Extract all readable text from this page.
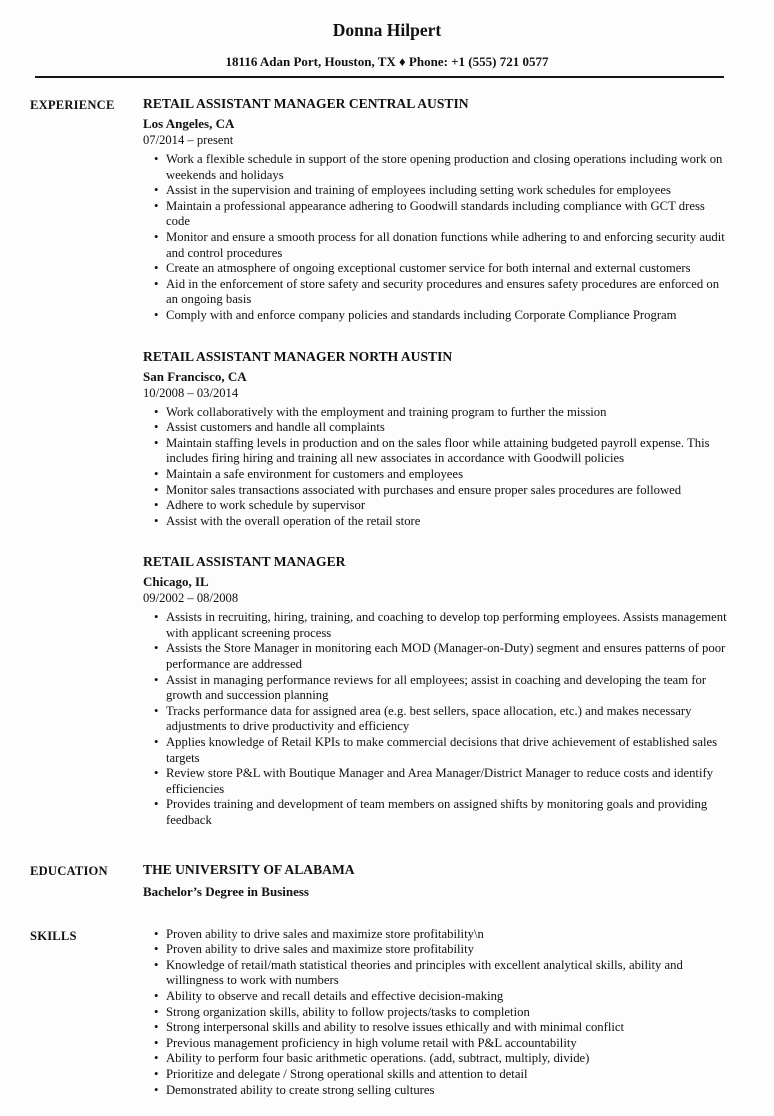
Donna Hilpert
18116 Adan Port, Houston, TX ♦ Phone: +1 (555) 721 0577
EXPERIENCE	RETAIL ASSISTANT MANAGER CENTRAL AUSTIN
Los Angeles, CA
07/2014 – present
• Work a flexible schedule in support of the store opening production and closing operations including work on weekends and holidays
• Assist in the supervision and training of employees including setting work schedules for employees
• Maintain a professional appearance adhering to Goodwill standards including compliance with GCT dress code
• Monitor and ensure a smooth process for all donation functions while adhering to and enforcing security audit and control procedures
• Create an atmosphere of ongoing exceptional customer service for both internal and external customers
• Aid in the enforcement of store safety and security procedures and ensures safety procedures are enforced on an ongoing basis
• Comply with and enforce company policies and standards including Corporate Compliance Program
RETAIL ASSISTANT MANAGER NORTH AUSTIN
San Francisco, CA
10/2008 – 03/2014
• Work collaboratively with the employment and training program to further the mission
• Assist customers and handle all complaints
• Maintain staffing levels in production and on the sales floor while attaining budgeted payroll expense. This includes firing hiring and training all new associates in accordance with Goodwill policies
• Maintain a safe environment for customers and employees
• Monitor sales transactions associated with purchases and ensure proper sales procedures are followed
• Adhere to work schedule by supervisor
• Assist with the overall operation of the retail store
RETAIL ASSISTANT MANAGER
Chicago, IL
09/2002 – 08/2008
• Assists in recruiting, hiring, training, and coaching to develop top performing employees. Assists management with applicant screening process
• Assists the Store Manager in monitoring each MOD (Manager-on-Duty) segment and ensures patterns of poor performance are addressed
• Assist in managing performance reviews for all employees; assist in coaching and developing the team for growth and succession planning
• Tracks performance data for assigned area (e.g. best sellers, space allocation, etc.) and makes necessary adjustments to drive productivity and efficiency
• Applies knowledge of Retail KPIs to make commercial decisions that drive achievement of established sales targets
• Review store P&L with Boutique Manager and Area Manager/District Manager to reduce costs and identify efficiencies
• Provides training and development of team members on assigned shifts by monitoring goals and providing feedback
EDUCATION	THE UNIVERSITY OF ALABAMA
Bachelor’s Degree in Business
SKILLS	• Proven ability to drive sales and maximize store profitability\n
• Proven ability to drive sales and maximize store profitability
• Knowledge of retail/math statistical theories and principles with excellent analytical skills, ability and willingness to work with numbers
• Ability to observe and recall details and effective decision-making
• Strong organization skills, ability to follow projects/tasks to completion
• Strong interpersonal skills and ability to resolve issues ethically and with minimal conflict
• Previous management proficiency in high volume retail with P&L accountability
• Ability to perform four basic arithmetic operations. (add, subtract, multiply, divide)
• Prioritize and delegate / Strong operational skills and attention to detail
• Demonstrated ability to create strong selling cultures
